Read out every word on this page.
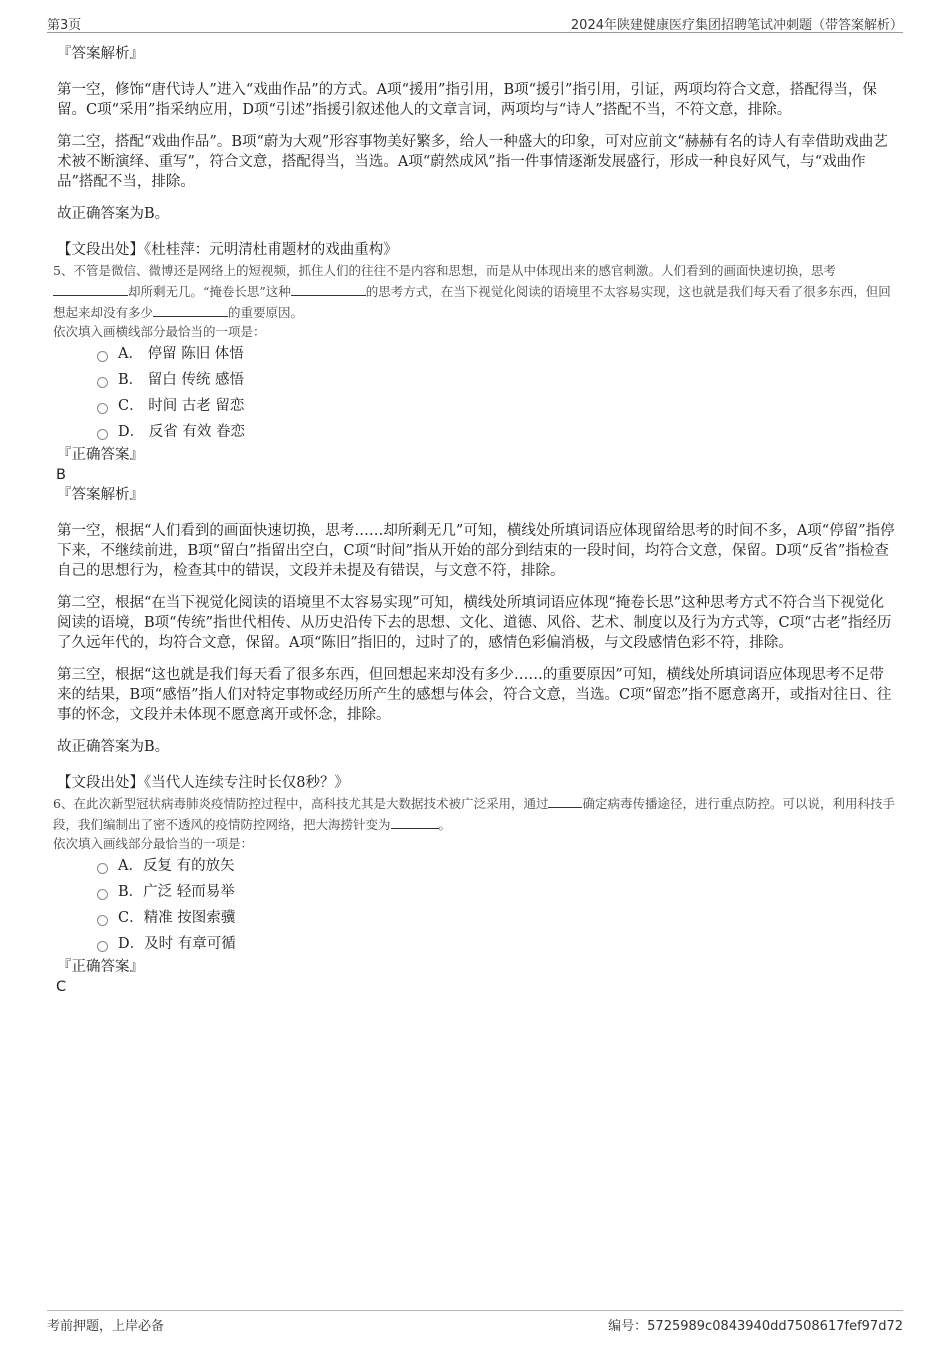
第3页	2024年陕建健康医疗集团招聘笔试冲刺题（带答案解析）

『答案解析』

第一空，修饰“唐代诗人”进入“戏曲作品”的方式。A项“援用”指引用，B项“援引”指引用，引证，两项均符合文意，搭配得当，保留。C项“采用”指采纳应用，D项“引述”指援引叙述他人的文章言词，两项均与“诗人”搭配不当，不符文意，排除。

第二空，搭配“戏曲作品”。B项“蔚为大观”形容事物美好繁多，给人一种盛大的印象，可对应前文“赫赫有名的诗人有幸借助戏曲艺术被不断演绎、重写”，符合文意，搭配得当，当选。A项“蔚然成风”指一件事情逐渐发展盛行，形成一种良好风气，与“戏曲作品”搭配不当，排除。

故正确答案为B。

【文段出处】《杜桂萍：元明清杜甫题材的戏曲重构》

5、不管是微信、微博还是网络上的短视频，抓住人们的往往不是内容和思想，而是从中体现出来的感官刺激。人们看到的画面快速切换，思考却所剩无几。“掩卷长思”这种	的思考方式，在当下视觉化阅读的语境里不太容易实现，这也就是我们每天看了很多东西，但回想起来却没有多少	的重要原因。

依次填入画横线部分最恰当的一项是：

A． 停留 陈旧 体悟
B． 留白 传统 感悟
C． 时间 古老 留恋
D． 反省 有效 眷恋

『正确答案』

B

『答案解析』

第一空，根据“人们看到的画面快速切换，思考……却所剩无几”可知，横线处所填词语应体现留给思考的时间不多，A项“停留”指停下来，不继续前进，B项“留白”指留出空白，C项“时间”指从开始的部分到结束的一段时间，均符合文意，保留。D项“反省”指检查自己的思想行为，检查其中的错误，文段并未提及有错误，与文意不符，排除。

第二空，根据“在当下视觉化阅读的语境里不太容易实现”可知，横线处所填词语应体现“掩卷长思”这种思考方式不符合当下视觉化阅读的语境，B项“传统”指世代相传、从历史沿传下去的思想、文化、道德、风俗、艺术、制度以及行为方式等，C项“古老”指经历了久远年代的，均符合文意，保留。A项“陈旧”指旧的，过时了的，感情色彩偏消极，与文段感情色彩不符，排除。

第三空，根据“这也就是我们每天看了很多东西，但回想起来却没有多少……的重要原因”可知，横线处所填词语应体现思考不足带来的结果，B项“感悟”指人们对特定事物或经历所产生的感想与体会，符合文意，当选。C项“留恋”指不愿意离开，或指对往日、往事的怀念，文段并未体现不愿意离开或怀念，排除。

故正确答案为B。

【文段出处】《当代人连续专注时长仅8秒？》

6、在此次新型冠状病毒肺炎疫情防控过程中，高科技尤其是大数据技术被广泛采用，通过	确定病毒传播途径，进行重点防控。可以说，利用科技手段，我们编制出了密不透风的疫情防控网络，把大海捞针变为	。

依次填入画线部分最恰当的一项是：

A．反复 有的放矢
B．广泛 轻而易举
C．精准 按图索骥
D．及时 有章可循

『正确答案』

C

考前押题，上岸必备	编号：5725989c0843940dd7508617fef97d72
